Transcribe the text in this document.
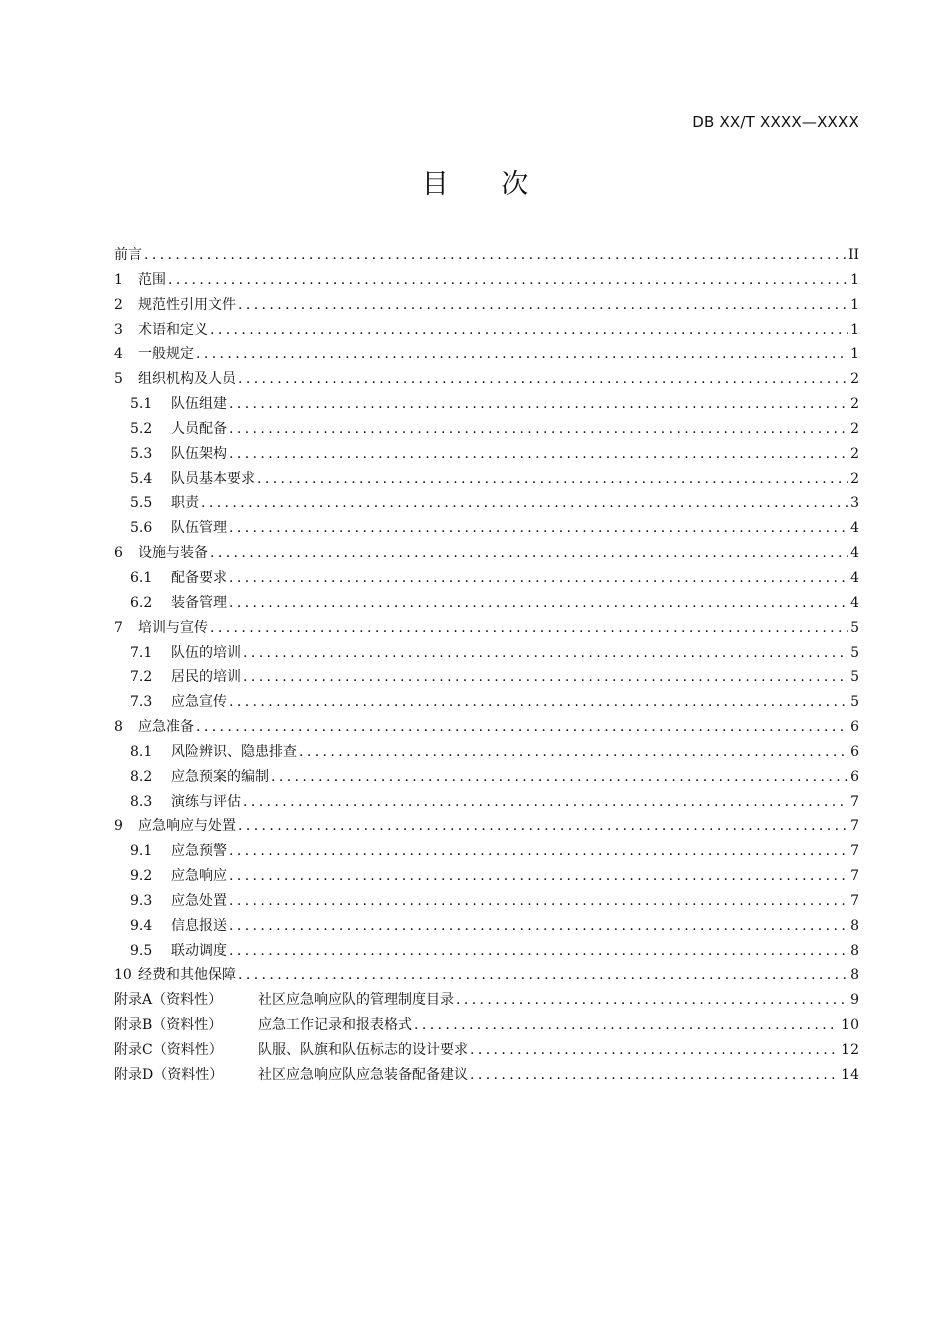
DB XX/T XXXX—XXXX
目 次
前言 .....	II
1	范围 .....	1
2	规范性引用文件 .....	1
3	术语和定义 .....	1
4	一般规定 .....	1
5	组织机构及人员 .....	2
5.1	队伍组建 .....	2
5.2	人员配备 .....	2
5.3	队伍架构 .....	2
5.4	队员基本要求 .....	2
5.5	职责 .....	3
5.6	队伍管理 .....	4
6	设施与装备 .....	4
6.1	配备要求 .....	4
6.2	装备管理 .....	4
7	培训与宣传 .....	5
7.1	队伍的培训 .....	5
7.2	居民的培训 .....	5
7.3	应急宣传 .....	5
8	应急准备 .....	6
8.1	风险辨识、隐患排查 .....	6
8.2	应急预案的编制 .....	6
8.3	演练与评估 .....	7
9	应急响应与处置 .....	7
9.1	应急预警 .....	7
9.2	应急响应 .....	7
9.3	应急处置 .....	7
9.4	信息报送 .....	8
9.5	联动调度 .....	8
10 经费和其他保障 .....	8
附录A（资料性）	社区应急响应队的管理制度目录 .....	9
附录B（资料性）	应急工作记录和报表格式 .....	10
附录C（资料性）	队服、队旗和队伍标志的设计要求 .....	12
附录D（资料性）	社区应急响应队应急装备配备建议 .....	14
